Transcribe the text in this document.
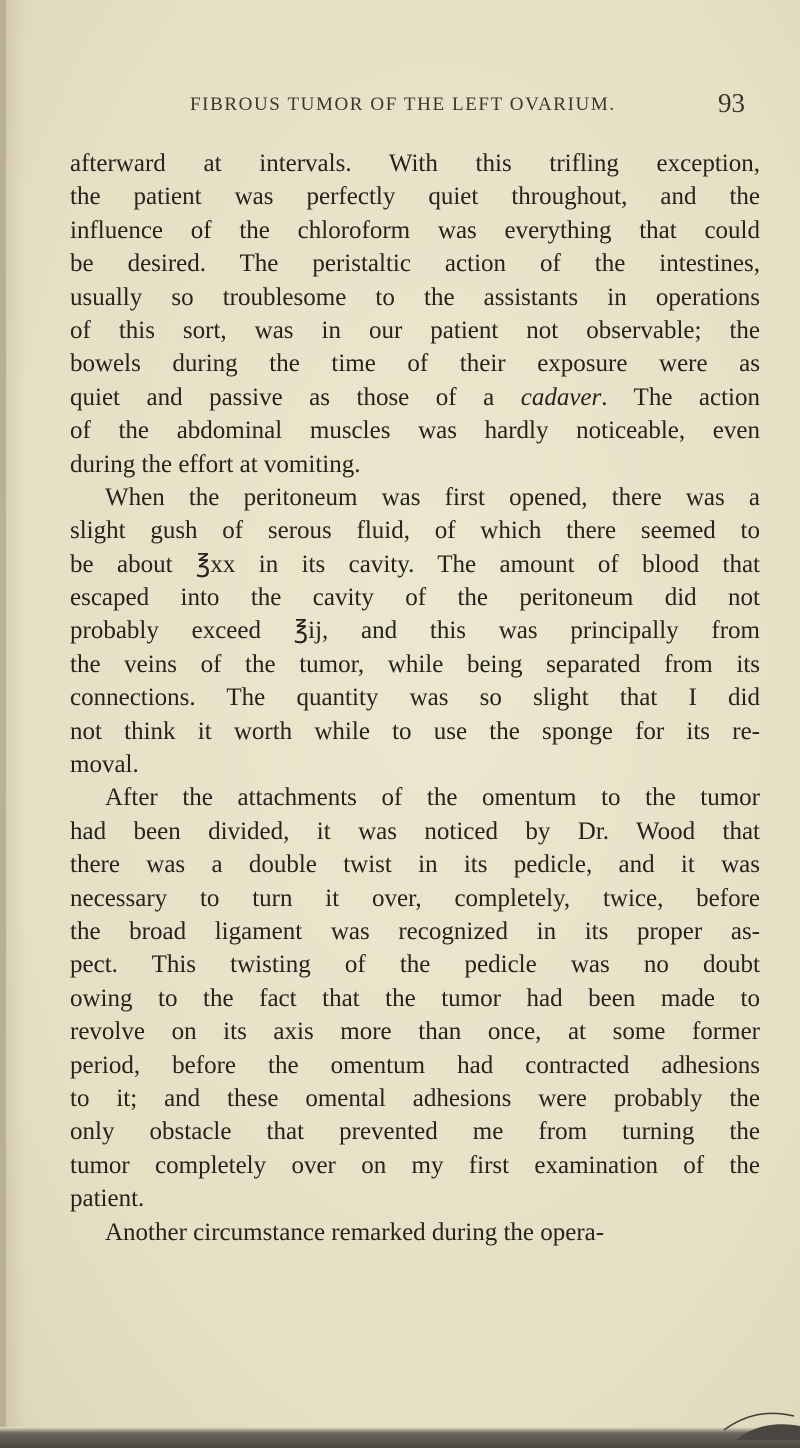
FIBROUS TUMOR OF THE LEFT OVARIUM.	93
afterward at intervals. With this trifling exception,
the patient was perfectly quiet throughout, and the
influence of the chloroform was everything that could
be desired. The peristaltic action of the intestines,
usually so troublesome to the assistants in operations
of this sort, was in our patient not observable; the
bowels during the time of their exposure were as
quiet and passive as those of a cadaver. The action
of the abdominal muscles was hardly noticeable, even
during the effort at vomiting.
When the peritoneum was first opened, there was a
slight gush of serous fluid, of which there seemed to
be about ℥xx in its cavity. The amount of blood that
escaped into the cavity of the peritoneum did not
probably exceed ℥ij, and this was principally from
the veins of the tumor, while being separated from its
connections. The quantity was so slight that I did
not think it worth while to use the sponge for its re-
moval.
After the attachments of the omentum to the tumor
had been divided, it was noticed by Dr. Wood that
there was a double twist in its pedicle, and it was
necessary to turn it over, completely, twice, before
the broad ligament was recognized in its proper as-
pect. This twisting of the pedicle was no doubt
owing to the fact that the tumor had been made to
revolve on its axis more than once, at some former
period, before the omentum had contracted adhesions
to it; and these omental adhesions were probably the
only obstacle that prevented me from turning the
tumor completely over on my first examination of the
patient.
Another circumstance remarked during the opera-
